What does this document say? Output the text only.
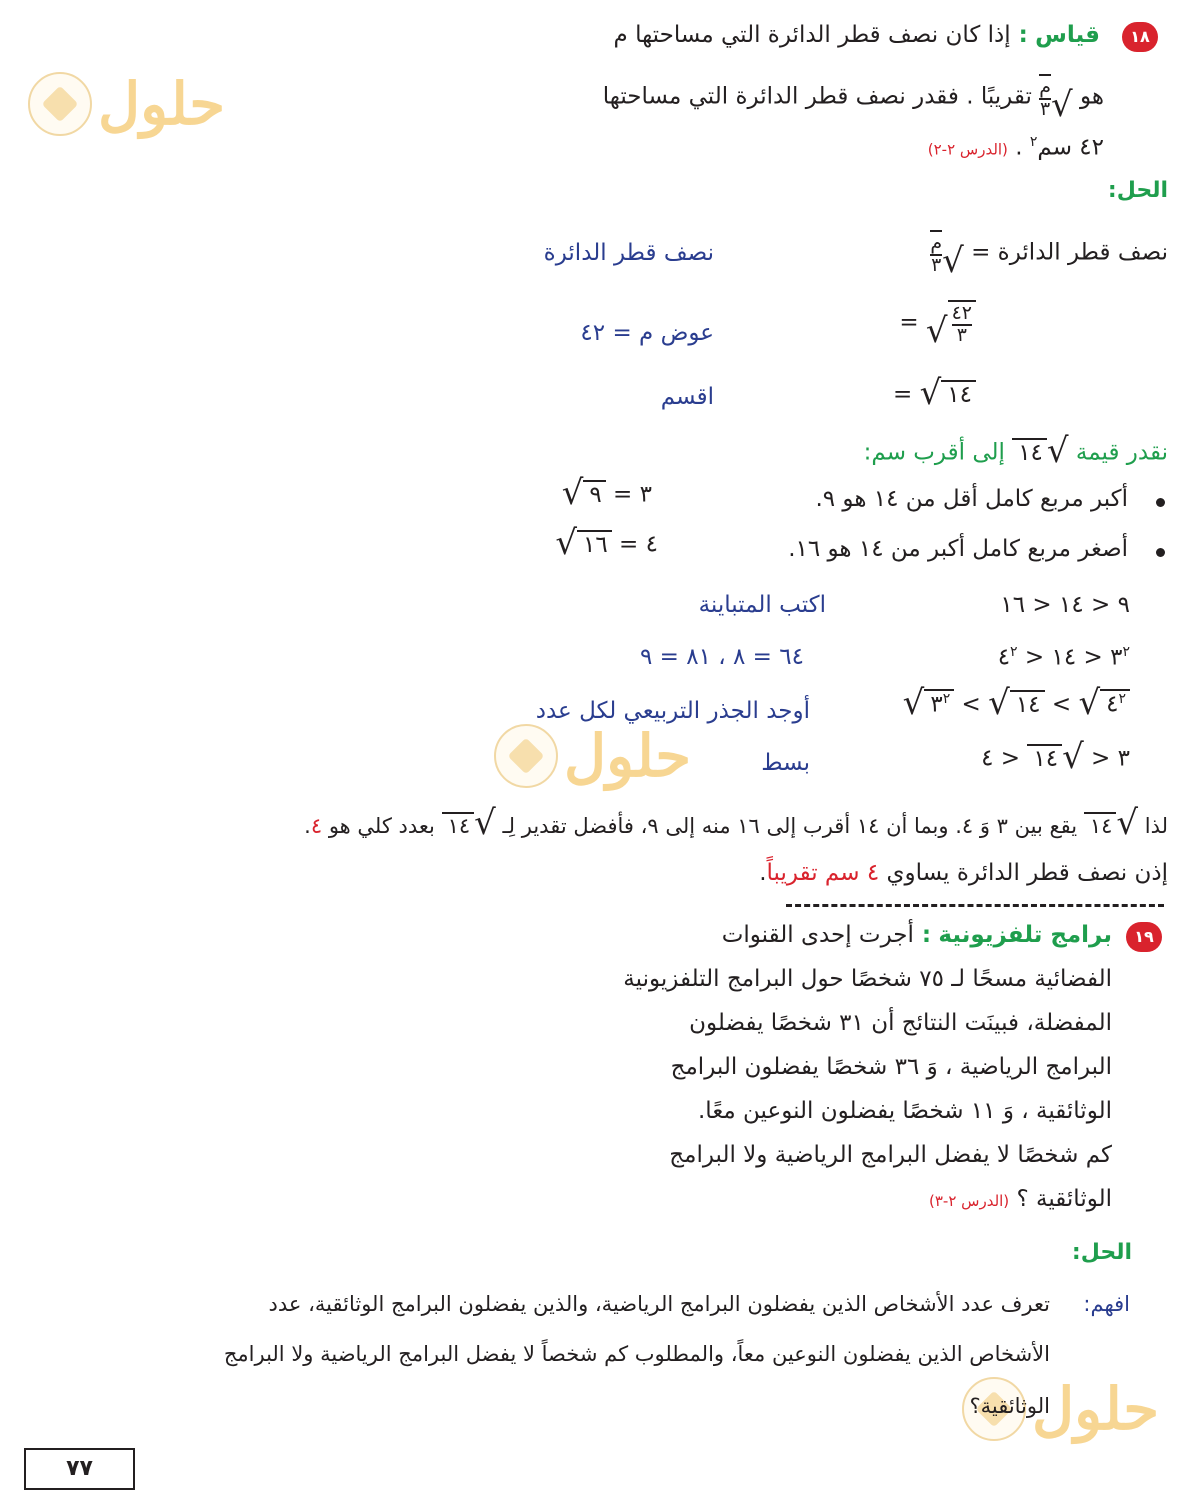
حلول
حلول
حلول
١٨
قياس : إذا كان نصف قطر الدائرة التي مساحتها م
هو √
$\frac{\text{م}}{٣}$
تقريبًا . فقدر نصف قطر الدائرة التي مساحتها
٤٢ سم$^٢$ . (الدرس ٢-٢)
الحل:
نصف قطر الدائرة = √
$\frac{\text{م}}{٣}$
نصف قطر الدائرة
= √ $\frac{٤٢}{٣}$
عوض م = ٤٢
= √ ١٤
اقسم
نقدر قيمة √١٤ إلى أقرب سم:
أكبر مربع كامل أقل من ١٤ هو ٩.
√ ٩ = ٣
أصغر مربع كامل أكبر من ١٤ هو ١٦.
√ ١٦ = ٤
٩ < ١٤ < ١٦
اكتب المتباينة
$٣^٢$ < ١٤ < $٤^٢$
٦٤ = ٨ ، ٨١ = ٩
√ $٣^٢$ < √ ١٤ < √ $٤^٢$
أوجد الجذر التربيعي لكل عدد
٣ < √١٤ < ٤
بسط
لذا √١٤ يقع بين ٣ وَ ٤. وبما أن ١٤ أقرب إلى ١٦ منه إلى ٩، فأفضل تقدير لِـ √١٤ بعدد كلي هو ٤.
إذن نصف قطر الدائرة يساوي ٤ سم تقريباً.
١٩
برامج تلفزيونية : أجرت إحدى القنوات
الفضائية مسحًا لـ ٧٥ شخصًا حول البرامج التلفزيونية
المفضلة، فبينَت النتائج أن ٣١ شخصًا يفضلون
البرامج الرياضية ، وَ ٣٦ شخصًا يفضلون البرامج
الوثائقية ، وَ ١١ شخصًا يفضلون النوعين معًا.
كم شخصًا لا يفضل البرامج الرياضية ولا البرامج
الوثائقية ؟ (الدرس ٢-٣)
الحل:
افهم:
تعرف عدد الأشخاص الذين يفضلون البرامج الرياضية، والذين يفضلون البرامج الوثائقية، عدد
الأشخاص الذين يفضلون النوعين معاً، والمطلوب كم شخصاً لا يفضل البرامج الرياضية ولا البرامج
الوثائقية؟
٧٧
